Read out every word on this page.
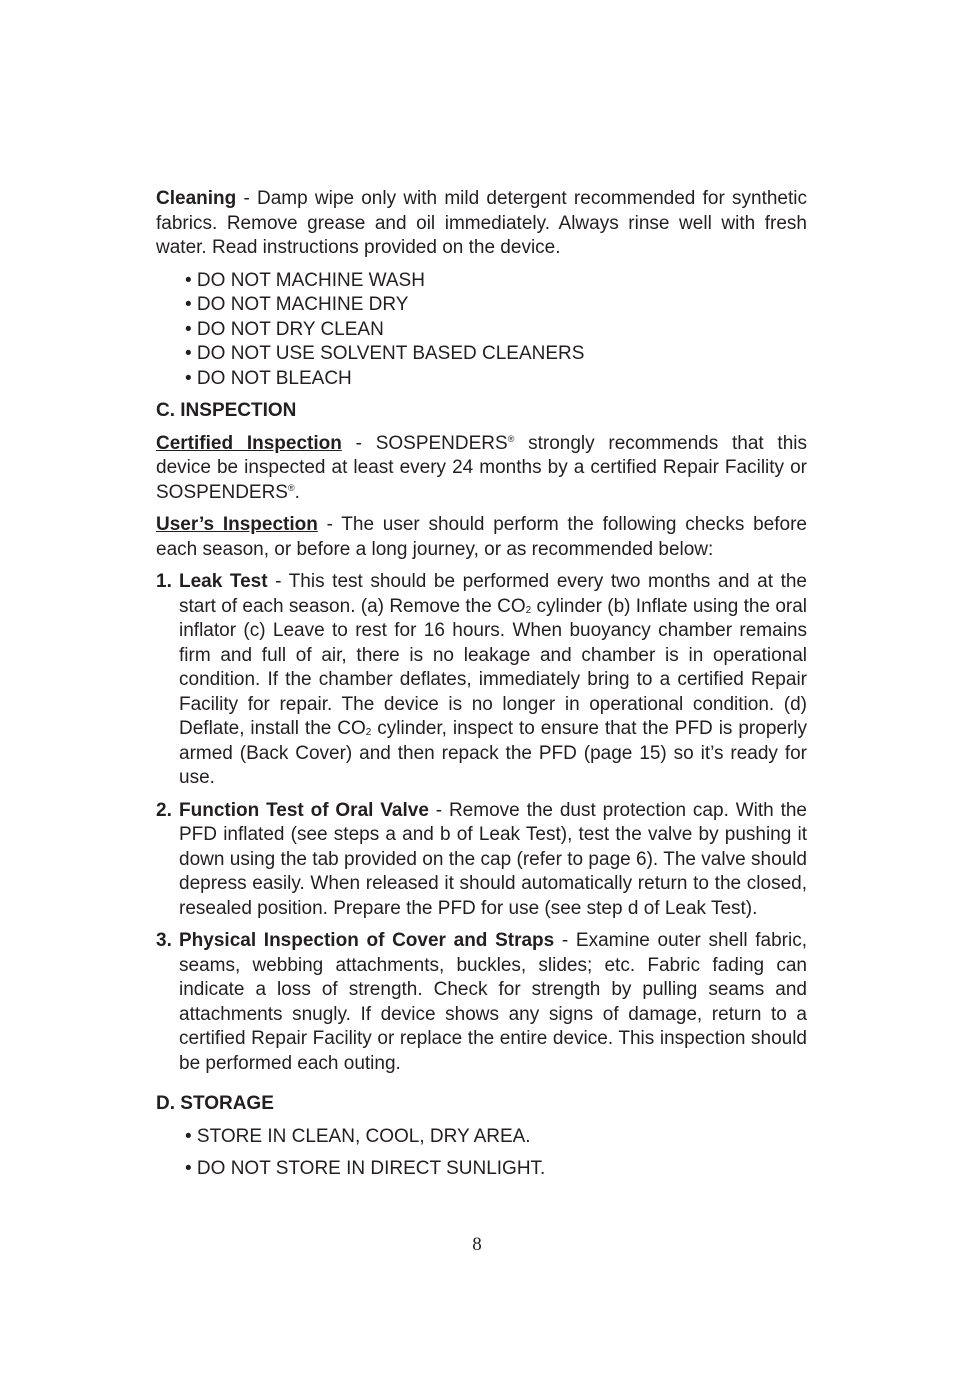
Cleaning - Damp wipe only with mild detergent recommended for synthetic fabrics. Remove grease and oil immediately. Always rinse well with fresh water. Read instructions provided on the device.

• DO NOT MACHINE WASH
• DO NOT MACHINE DRY
• DO NOT DRY CLEAN
• DO NOT USE SOLVENT BASED CLEANERS
• DO NOT BLEACH

C. INSPECTION

Certified Inspection - SOSPENDERS® strongly recommends that this device be inspected at least every 24 months by a certified Repair Facility or SOSPENDERS®.

User’s Inspection - The user should perform the following checks before each season, or before a long journey, or as recommended below:

1. Leak Test - This test should be performed every two months and at the start of each season. (a) Remove the $CO_2$ cylinder (b) Inflate using the oral inflator (c) Leave to rest for 16 hours. When buoyancy chamber remains firm and full of air, there is no leakage and chamber is in operational condition. If the chamber deflates, immediately bring to a certified Repair Facility for repair. The device is no longer in operational condition. (d) Deflate, install the $CO_2$ cylinder, inspect to ensure that the PFD is properly armed (Back Cover) and then repack the PFD (page 15) so it’s ready for use.
2. Function Test of Oral Valve - Remove the dust protection cap. With the PFD inflated (see steps a and b of Leak Test), test the valve by pushing it down using the tab provided on the cap (refer to page 6). The valve should depress easily. When released it should automatically return to the closed, resealed position. Prepare the PFD for use (see step d of Leak Test).
3. Physical Inspection of Cover and Straps - Examine outer shell fabric, seams, webbing attachments, buckles, slides; etc. Fabric fading can indicate a loss of strength. Check for strength by pulling seams and attachments snugly. If device shows any signs of damage, return to a certified Repair Facility or replace the entire device. This inspection should be performed each outing.

D. STORAGE

• STORE IN CLEAN, COOL, DRY AREA.
• DO NOT STORE IN DIRECT SUNLIGHT.
8
